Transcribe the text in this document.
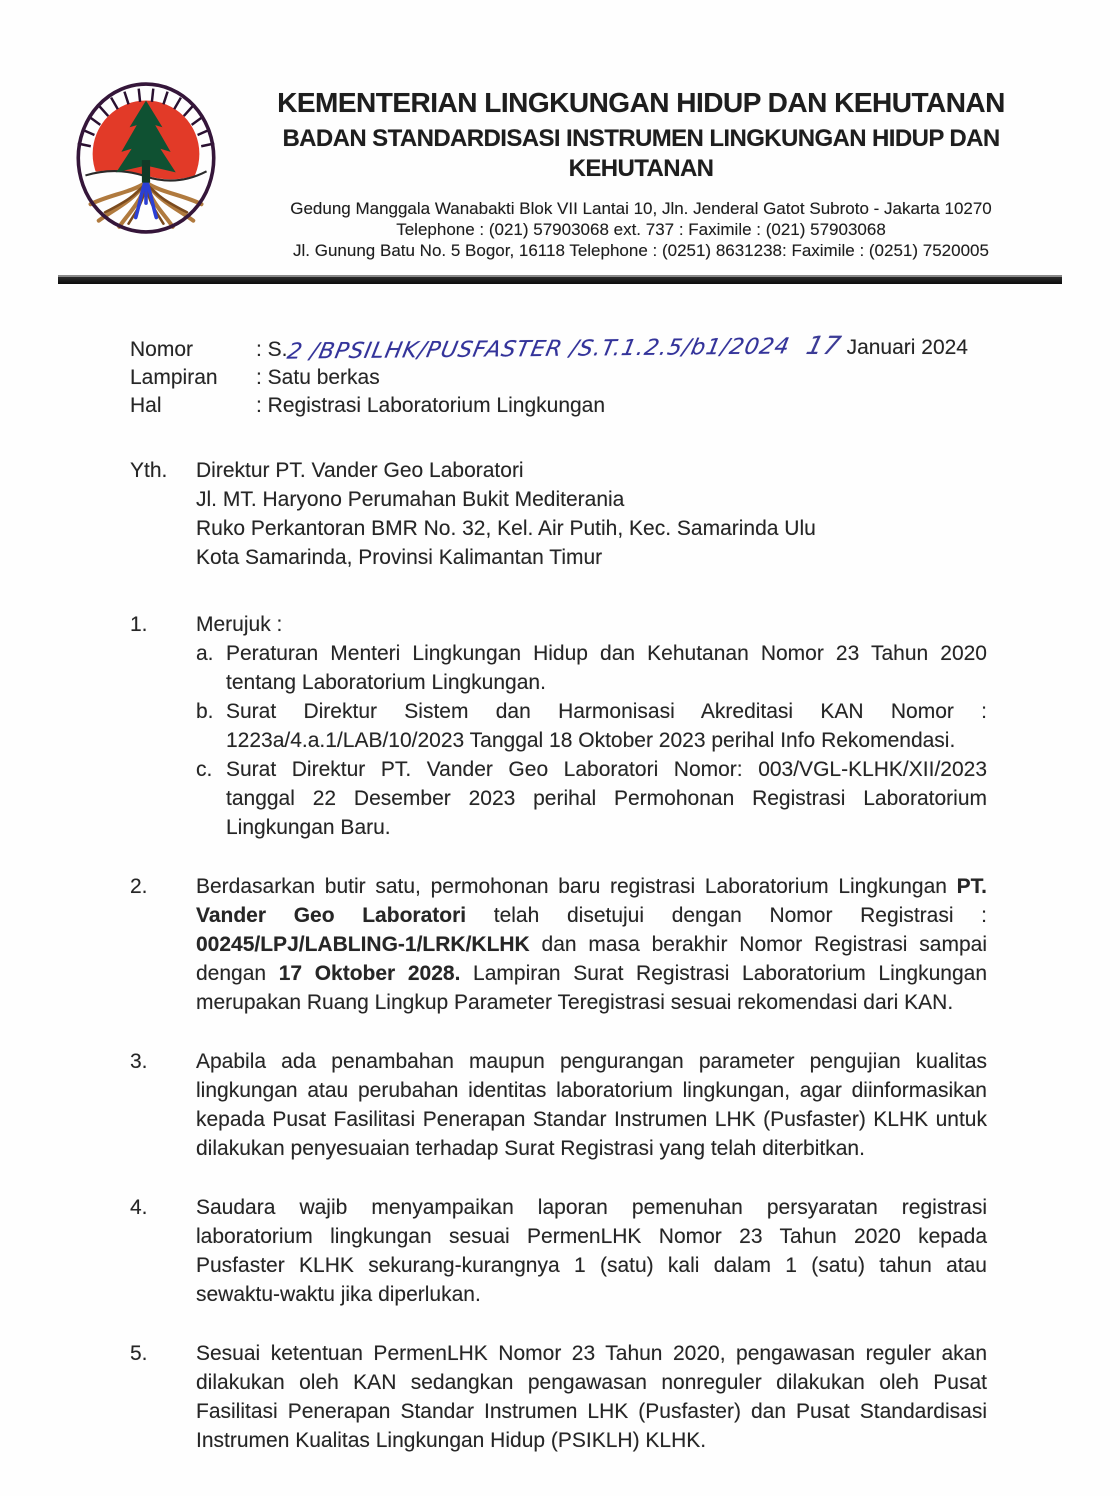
KEMENTERIAN LINGKUNGAN HIDUP DAN KEHUTANAN
BADAN STANDARDISASI INSTRUMEN LINGKUNGAN HIDUP DAN KEHUTANAN
Gedung Manggala Wanabakti Blok VII Lantai 10, Jln. Jenderal Gatot Subroto - Jakarta 10270
Telephone : (021) 57903068 ext. 737 : Faximile : (021) 57903068
Jl. Gunung Batu No. 5 Bogor, 16118 Telephone : (0251) 8631238: Faximile : (0251) 7520005
Nomor	: S.2 /BPSILHK/PUSFASTER /S.T.1.2.5/b1/2024 17 Januari 2024
Lampiran	: Satu berkas
Hal	: Registrasi Laboratorium Lingkungan
Yth.	Direktur PT. Vander Geo Laboratori
Jl. MT. Haryono Perumahan Bukit Mediterania
Ruko Perkantoran BMR No. 32, Kel. Air Putih, Kec. Samarinda Ulu
Kota Samarinda, Provinsi Kalimantan Timur
1.	Merujuk :
a. Peraturan Menteri Lingkungan Hidup dan Kehutanan Nomor 23 Tahun 2020 tentang Laboratorium Lingkungan.
b. Surat Direktur Sistem dan Harmonisasi Akreditasi KAN Nomor : 1223a/4.a.1/LAB/10/2023 Tanggal 18 Oktober 2023 perihal Info Rekomendasi.
c. Surat Direktur PT. Vander Geo Laboratori Nomor: 003/VGL-KLHK/XII/2023 tanggal 22 Desember 2023 perihal Permohonan Registrasi Laboratorium Lingkungan Baru.
2.	Berdasarkan butir satu, permohonan baru registrasi Laboratorium Lingkungan PT. Vander Geo Laboratori telah disetujui dengan Nomor Registrasi : 00245/LPJ/LABLING-1/LRK/KLHK dan masa berakhir Nomor Registrasi sampai dengan 17 Oktober 2028. Lampiran Surat Registrasi Laboratorium Lingkungan merupakan Ruang Lingkup Parameter Teregistrasi sesuai rekomendasi dari KAN.
3.	Apabila ada penambahan maupun pengurangan parameter pengujian kualitas lingkungan atau perubahan identitas laboratorium lingkungan, agar diinformasikan kepada Pusat Fasilitasi Penerapan Standar Instrumen LHK (Pusfaster) KLHK untuk dilakukan penyesuaian terhadap Surat Registrasi yang telah diterbitkan.
4.	Saudara wajib menyampaikan laporan pemenuhan persyaratan registrasi laboratorium lingkungan sesuai PermenLHK Nomor 23 Tahun 2020 kepada Pusfaster KLHK sekurang-kurangnya 1 (satu) kali dalam 1 (satu) tahun atau sewaktu-waktu jika diperlukan.
5.	Sesuai ketentuan PermenLHK Nomor 23 Tahun 2020, pengawasan reguler akan dilakukan oleh KAN sedangkan pengawasan nonreguler dilakukan oleh Pusat Fasilitasi Penerapan Standar Instrumen LHK (Pusfaster) dan Pusat Standardisasi Instrumen Kualitas Lingkungan Hidup (PSIKLH) KLHK.
